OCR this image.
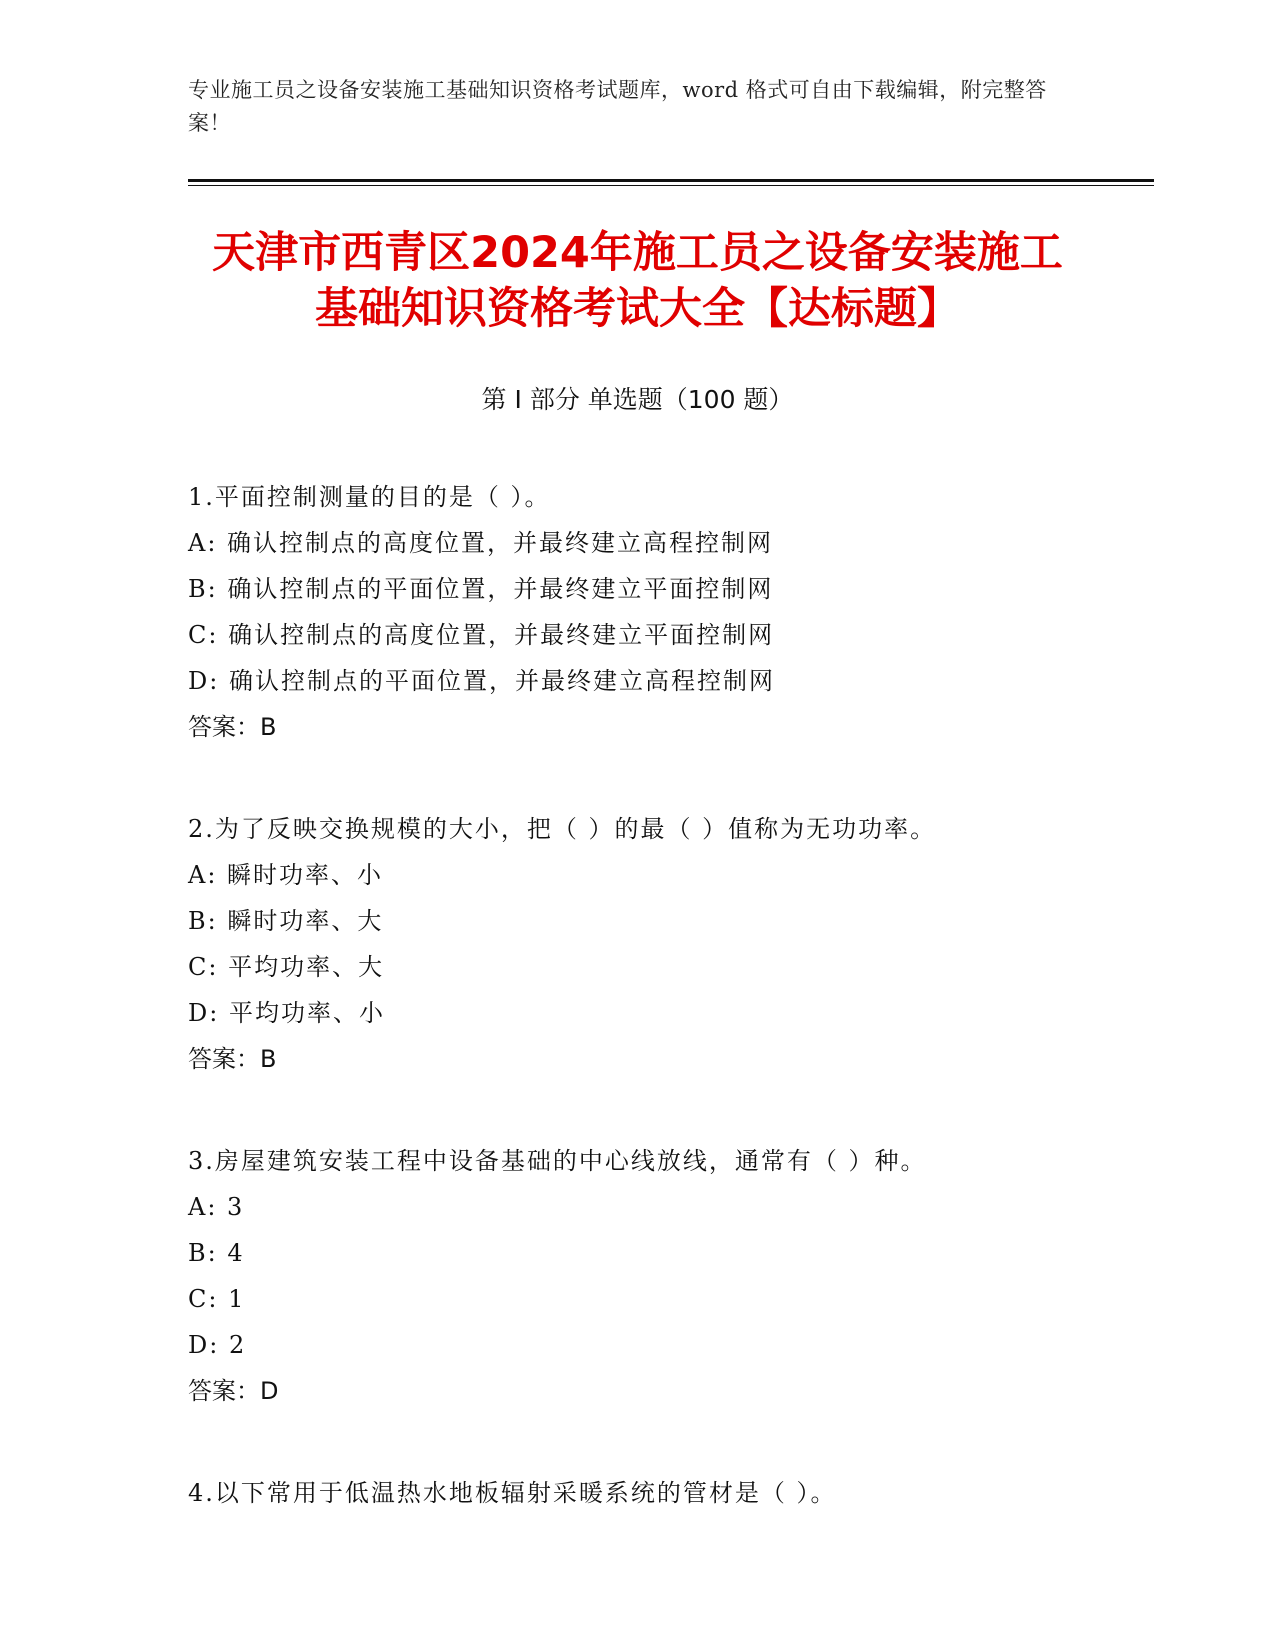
专业施工员之设备安装施工基础知识资格考试题库，word 格式可自由下载编辑，附完整答案！
天津市西青区2024年施工员之设备安装施工
基础知识资格考试大全【达标题】
第 I 部分 单选题（100 题）
1.平面控制测量的目的是（ ）。
A: 确认控制点的高度位置，并最终建立高程控制网
B: 确认控制点的平面位置，并最终建立平面控制网
C: 确认控制点的高度位置，并最终建立平面控制网
D: 确认控制点的平面位置，并最终建立高程控制网
答案：B
2.为了反映交换规模的大小，把（ ）的最（ ）值称为无功功率。
A: 瞬时功率、小
B: 瞬时功率、大
C: 平均功率、大
D: 平均功率、小
答案：B
3.房屋建筑安装工程中设备基础的中心线放线，通常有（ ）种。
A: 3
B: 4
C: 1
D: 2
答案：D
4.以下常用于低温热水地板辐射采暖系统的管材是（ ）。
